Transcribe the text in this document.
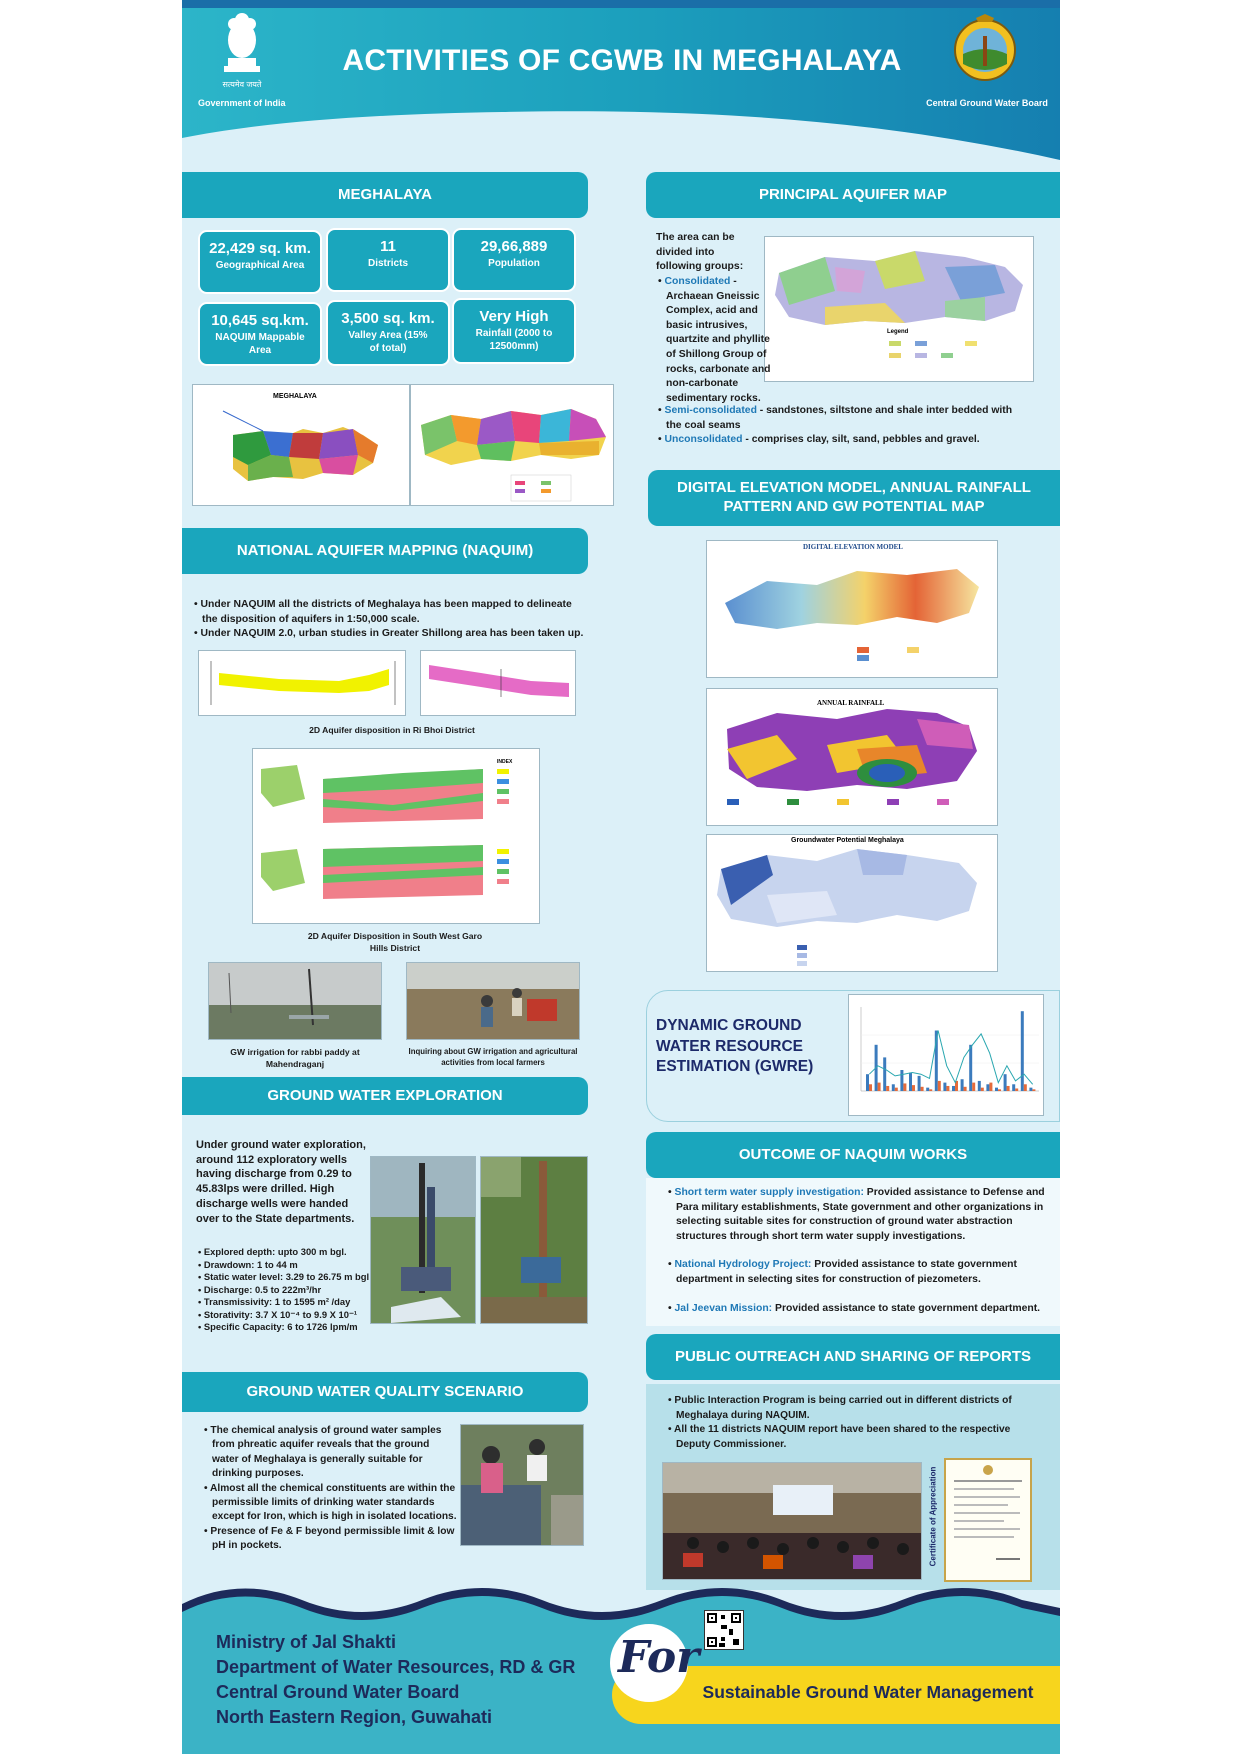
सत्यमेव जयते
Government of India
ACTIVITIES OF CGWB IN MEGHALAYA
Central Ground Water Board
MEGHALAYA
22,429 sq. km.
Geographical Area
11
Districts
29,66,889
Population
10,645 sq.km.
NAQUIM Mappable Area
3,500 sq. km.
Valley Area (15% of total)
Very High
Rainfall (2000 to 12500mm)
MEGHALAYA
PRINCIPAL AQUIFER MAP
The area can be divided into following groups:
Legend
• Consolidated - Archaean Gneissic Complex, acid and basic intrusives, quartzite and phyllite of Shillong Group of rocks, carbonate and non-carbonate sedimentary rocks.
• Semi-consolidated - sandstones, siltstone and shale inter bedded with the coal seams
• Unconsolidated - comprises clay, silt, sand, pebbles and gravel.
DIGITAL ELEVATION MODEL, ANNUAL RAINFALL PATTERN AND GW POTENTIAL MAP
DIGITAL ELEVATION MODEL
ANNUAL RAINFALL
Groundwater Potential Meghalaya
NATIONAL AQUIFER MAPPING (NAQUIM)
• Under NAQUIM all the districts of Meghalaya has been mapped to delineate the disposition of aquifers in 1:50,000 scale.
• Under NAQUIM 2.0, urban studies in Greater Shillong area has been taken up.
2D Aquifer disposition in Ri Bhoi District
INDEX
2D Aquifer Disposition in South West Garo Hills District
GW irrigation for rabbi paddy at Mahendraganj
Inquiring about GW irrigation and agricultural activities from local farmers
DYNAMIC GROUND WATER RESOURCE ESTIMATION (GWRE)
GROUND WATER EXPLORATION
Under ground water exploration, around 112 exploratory wells having discharge from 0.29 to 45.83lps were drilled. High discharge wells were handed over to the State departments.
• Explored depth: upto 300 m bgl.
• Drawdown: 1 to 44 m
• Static water level: 3.29 to 26.75 m bgl
• Discharge: 0.5 to 222m³/hr
• Transmissivity: 1 to 1595 m² /day
• Storativity: 3.7 X 10⁻⁴ to 9.9 X 10⁻¹
• Specific Capacity: 6 to 1726 lpm/m
OUTCOME OF NAQUIM WORKS
• Short term water supply investigation: Provided assistance to Defense and Para military establishments, State government and other organizations in selecting suitable sites for construction of ground water abstraction structures through short term water supply investigations.
• National Hydrology Project: Provided assistance to state government department in selecting sites for construction of piezometers.
• Jal Jeevan Mission: Provided assistance to state government department.
GROUND WATER QUALITY SCENARIO
• The chemical analysis of ground water samples from phreatic aquifer reveals that the ground water of Meghalaya is generally suitable for drinking purposes.
• Almost all the chemical constituents are within the permissible limits of drinking water standards except for Iron, which is high in isolated locations.
• Presence of Fe & F beyond permissible limit & low pH in pockets.
PUBLIC OUTREACH AND SHARING OF REPORTS
• Public Interaction Program is being carried out in different districts of Meghalaya during NAQUIM.
• All the 11 districts NAQUIM report have been shared to the respective Deputy Commissioner.
Certificate of Appreciation
Ministry of Jal Shakti
Department of Water Resources, RD & GR
Central Ground Water Board
North Eastern Region, Guwahati
For
Sustainable Ground Water Management
